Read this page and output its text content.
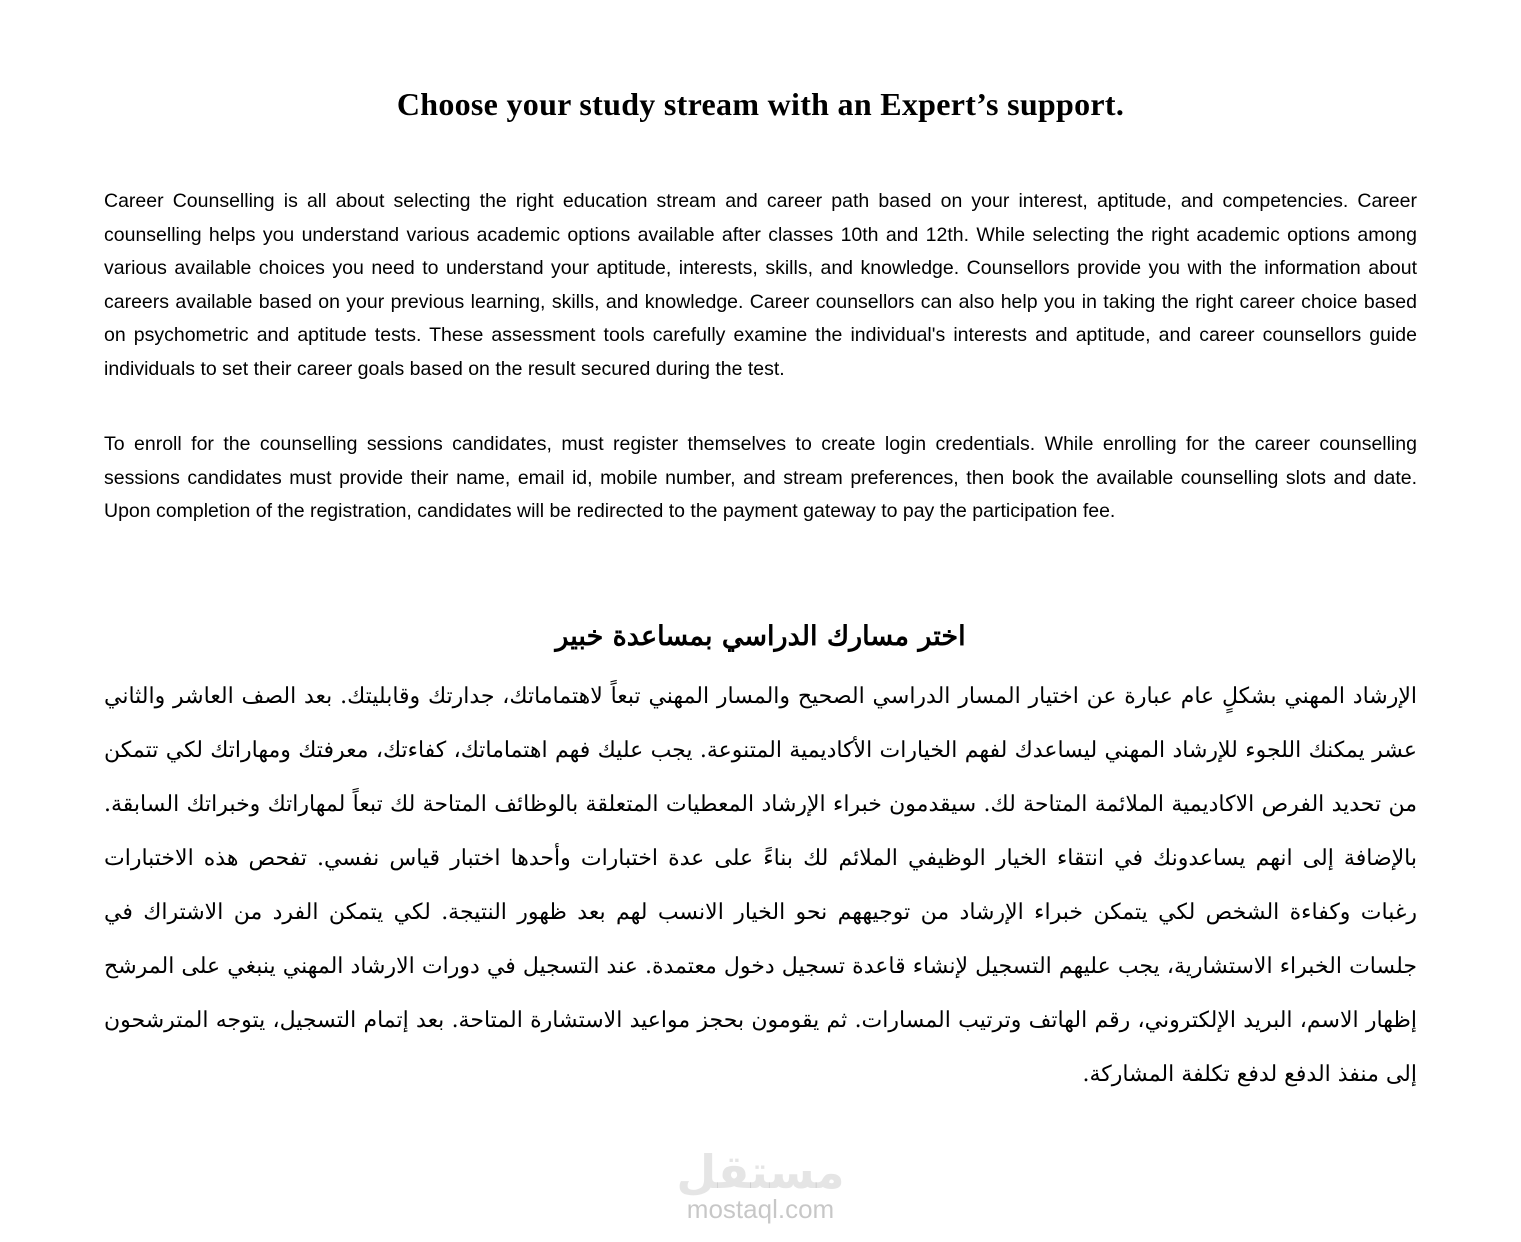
Choose your study stream with an Expert’s support.

Career Counselling is all about selecting the right education stream and career path based on your interest, aptitude, and competencies. Career counselling helps you understand various academic options available after classes 10th and 12th. While selecting the right academic options among various available choices you need to understand your aptitude, interests, skills, and knowledge. Counsellors provide you with the information about careers available based on your previous learning, skills, and knowledge. Career counsellors can also help you in taking the right career choice based on psychometric and aptitude tests. These assessment tools carefully examine the individual's interests and aptitude, and career counsellors guide individuals to set their career goals based on the result secured during the test.

To enroll for the counselling sessions candidates, must register themselves to create login credentials. While enrolling for the career counselling sessions candidates must provide their name, email id, mobile number, and stream preferences, then book the available counselling slots and date. Upon completion of the registration, candidates will be redirected to the payment gateway to pay the participation fee.

اختر مسارك الدراسي بمساعدة خبير

الإرشاد المهني بشكلٍ عام عبارة عن اختيار المسار الدراسي الصحيح والمسار المهني تبعاً لاهتماماتك، جدارتك وقابليتك. بعد الصف العاشر والثاني عشر يمكنك اللجوء للإرشاد المهني ليساعدك لفهم الخيارات الأكاديمية المتنوعة. يجب عليك فهم اهتماماتك، كفاءتك، معرفتك ومهاراتك لكي تتمكن من تحديد الفرص الاكاديمية الملائمة المتاحة لك. سيقدمون خبراء الإرشاد المعطيات المتعلقة بالوظائف المتاحة لك تبعاً لمهاراتك وخبراتك السابقة. بالإضافة إلى انهم يساعدونك في انتقاء الخيار الوظيفي الملائم لك بناءً على عدة اختبارات وأحدها اختبار قياس نفسي. تفحص هذه الاختبارات رغبات وكفاءة الشخص لكي يتمكن خبراء الإرشاد من توجيههم نحو الخيار الانسب لهم بعد ظهور النتيجة. لكي يتمكن الفرد من الاشتراك في جلسات الخبراء الاستشارية، يجب عليهم التسجيل لإنشاء قاعدة تسجيل دخول معتمدة. عند التسجيل في دورات الارشاد المهني ينبغي على المرشح إظهار الاسم، البريد الإلكتروني، رقم الهاتف وترتيب المسارات. ثم يقومون بحجز مواعيد الاستشارة المتاحة. بعد إتمام التسجيل، يتوجه المترشحون إلى منفذ الدفع لدفع تكلفة المشاركة.

مستقل
mostaql.com
